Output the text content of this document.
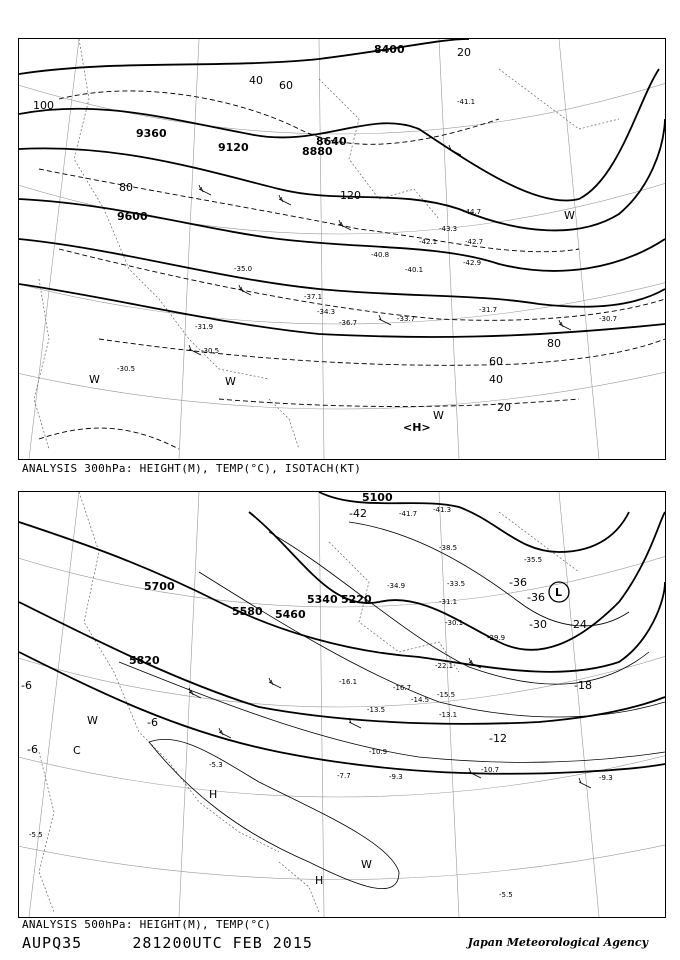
8400
9360
9120	8880
8640
9600
20
40 60
80
100
120
20
40
60
80
-41.1
-43.3
-44.7
-42.7
-42.1
-40.8
-40.1
-42.9
-31.7
-30.7
-33.7
-36.7
-30.5
-31.9
-30.5
-35.0
-37.1
-34.3
W	W
W
W
<H>
ANALYSIS 300hPa: HEIGHT(M), TEMP(°C), ISOTACH(KT)
5100
5220
5340
5460
5580
5700
5820
-42
-36
-30 -24
-18
-12
-6
-6
-6
-36
-41.7 -41.3
-38.5
-35.5
-34.9	-33.5
-31.1
-30.1
-29.9
-22.1
-16.7
-15.5
-14.5
-13.1
-10.9
-10.7
-9.3	-9.3
-7.7
-5.3
-5.5
-5.5
-16.1
-13.5
L
H
H
W
W
C
ANALYSIS 500hPa: HEIGHT(M), TEMP(°C)
AUPQ35	281200UTC FEB 2015	Japan Meteorological Agency
